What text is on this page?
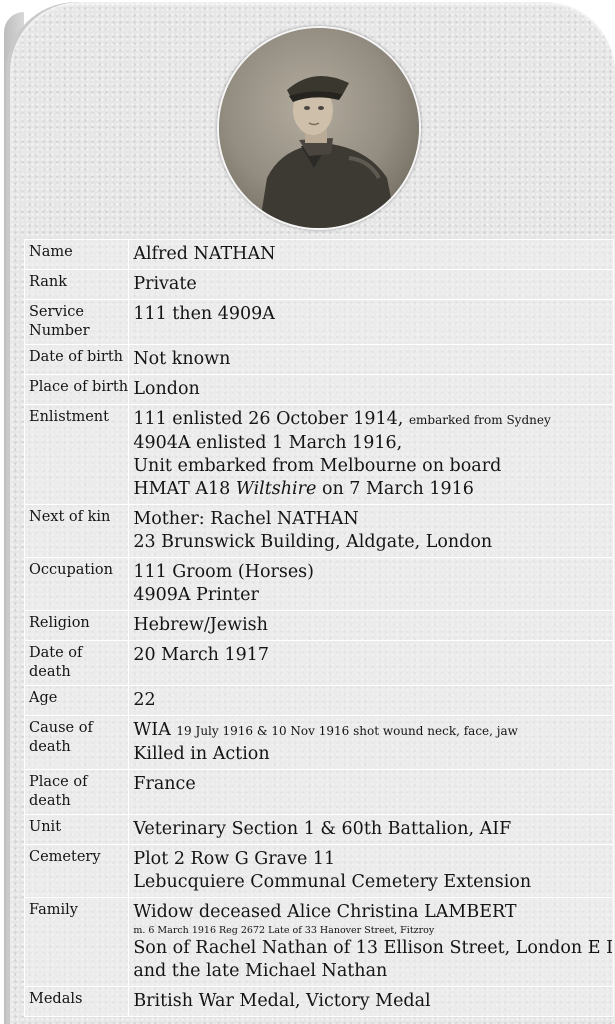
Name	Alfred NATHAN
Rank	Private
Service Number	111 then 4909A
Date of birth	Not known
Place of birth	London
Enlistment	111 enlisted 26 October 1914, embarked from Sydney
4904A enlisted 1 March 1916,
Unit embarked from Melbourne on board
HMAT A18 Wiltshire on 7 March 1916

Next of kin	Mother: Rachel NATHAN
23 Brunswick Building, Aldgate, London

Occupation	111 Groom (Horses)
4909A Printer

Religion	Hebrew/Jewish
Date of death	20 March 1917
Age	22
Cause of death	WIA 19 July 1916 & 10 Nov 1916 shot wound neck, face, jaw
Killed in Action

Place of death	France
Unit	Veterinary Section 1 & 60th Battalion, AIF
Cemetery	Plot 2 Row G Grave 11
Lebucquiere Communal Cemetery Extension

Family	Widow deceased Alice Christina LAMBERT
m. 6 March 1916 Reg 2672 Late of 33 Hanover Street, Fitzroy
Son of Rachel Nathan of 13 Ellison Street, London E I
and the late Michael Nathan

Medals	British War Medal, Victory Medal
